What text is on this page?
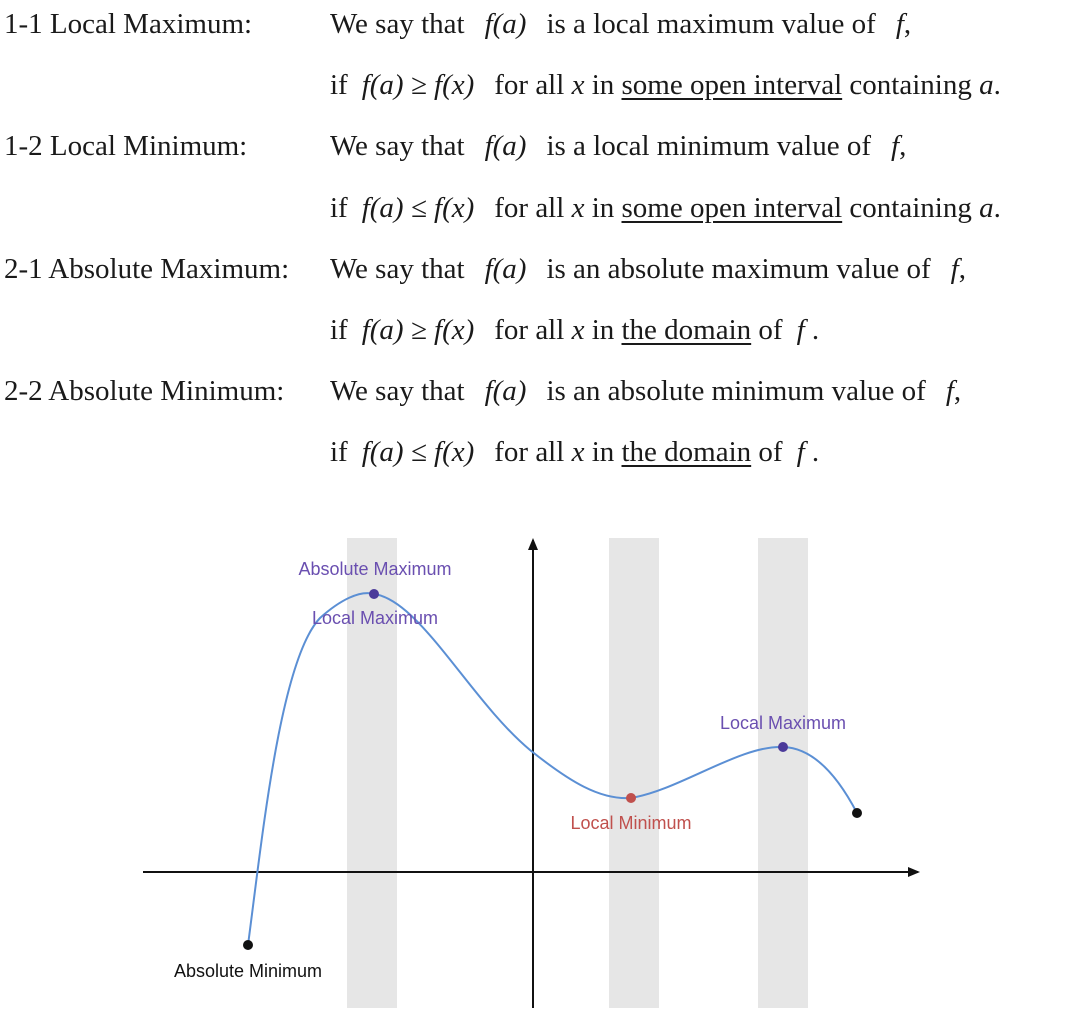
1-1 Local Maximum:	We say that f(a) is a local maximum value of f,
if f(a) ≥ f(x) for all x in some open interval containing a.
1-2 Local Minimum:	We say that f(a) is a local minimum value of f,
if f(a) ≤ f(x) for all x in some open interval containing a.
2-1 Absolute Maximum: We say that f(a) is an absolute maximum value of f,
if f(a) ≥ f(x) for all x in the domain of f .
2-2 Absolute Minimum: We say that f(a) is an absolute minimum value of f,
if f(a) ≤ f(x) for all x in the domain of f .
Absolute Maximum
Local Maximum
Local Maximum
Local Minimum
Absolute Minimum
